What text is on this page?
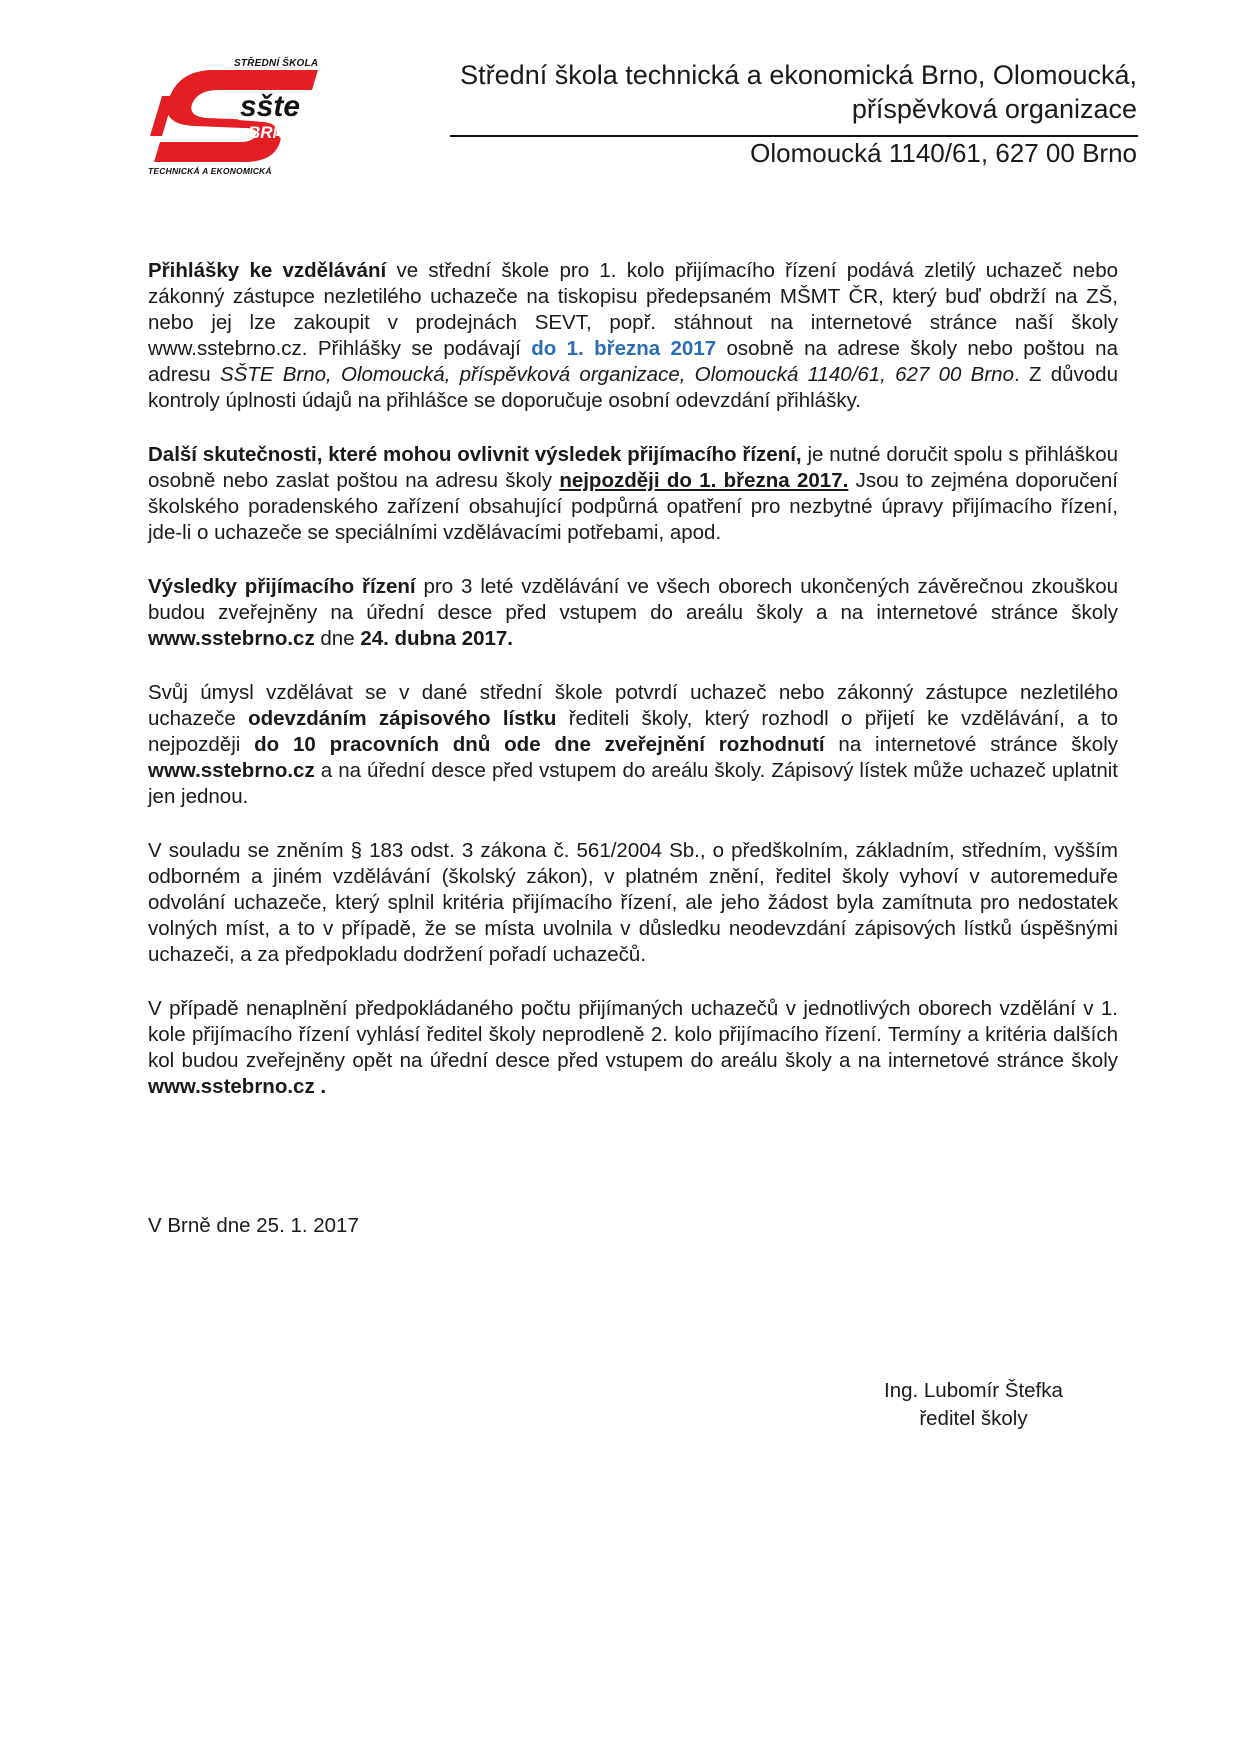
STŘEDNÍ ŠKOLA
sšte
BRNO
TECHNICKÁ A EKONOMICKÁ
Střední škola technická a ekonomická Brno, Olomoucká,
příspěvková organizace
Olomoucká 1140/61, 627 00 Brno

Přihlášky ke vzdělávání ve střední škole pro 1. kolo přijímacího řízení podává zletilý uchazeč nebo zákonný zástupce nezletilého uchazeče na tiskopisu předepsaném MŠMT ČR, který buď obdrží na ZŠ, nebo jej lze zakoupit v prodejnách SEVT, popř. stáhnout na internetové stránce naší školy www.sstebrno.cz. Přihlášky se podávají do 1. března 2017 osobně na adrese školy nebo poštou na adresu SŠTE Brno, Olomoucká, příspěvková organizace, Olomoucká 1140/61, 627 00 Brno. Z důvodu kontroly úplnosti údajů na přihlášce se doporučuje osobní odevzdání přihlášky.

Další skutečnosti, které mohou ovlivnit výsledek přijímacího řízení, je nutné doručit spolu s přihláškou osobně nebo zaslat poštou na adresu školy nejpozději do 1. března 2017. Jsou to zejména doporučení školského poradenského zařízení obsahující podpůrná opatření pro nezbytné úpravy přijímacího řízení, jde-li o uchazeče se speciálními vzdělávacími potřebami, apod.

Výsledky přijímacího řízení pro 3 leté vzdělávání ve všech oborech ukončených závěrečnou zkouškou budou zveřejněny na úřední desce před vstupem do areálu školy a na internetové stránce školy www.sstebrno.cz dne 24. dubna 2017.

Svůj úmysl vzdělávat se v dané střední škole potvrdí uchazeč nebo zákonný zástupce nezletilého uchazeče odevzdáním zápisového lístku řediteli školy, který rozhodl o přijetí ke vzdělávání, a to nejpozději do 10 pracovních dnů ode dne zveřejnění rozhodnutí na internetové stránce školy www.sstebrno.cz a na úřední desce před vstupem do areálu školy. Zápisový lístek může uchazeč uplatnit jen jednou.

V souladu se zněním § 183 odst. 3 zákona č. 561/2004 Sb., o předškolním, základním, středním, vyšším odborném a jiném vzdělávání (školský zákon), v platném znění, ředitel školy vyhoví v autoremeduře odvolání uchazeče, který splnil kritéria přijímacího řízení, ale jeho žádost byla zamítnuta pro nedostatek volných míst, a to v případě, že se místa uvolnila v důsledku neodevzdání zápisových lístků úspěšnými uchazeči, a za předpokladu dodržení pořadí uchazečů.

V případě nenaplnění předpokládaného počtu přijímaných uchazečů v jednotlivých oborech vzdělání v 1. kole přijímacího řízení vyhlásí ředitel školy neprodleně 2. kolo přijímacího řízení. Termíny a kritéria dalších kol budou zveřejněny opět na úřední desce před vstupem do areálu školy a na internetové stránce školy www.sstebrno.cz .

V Brně dne 25. 1. 2017
Ing. Lubomír Štefka
ředitel školy
